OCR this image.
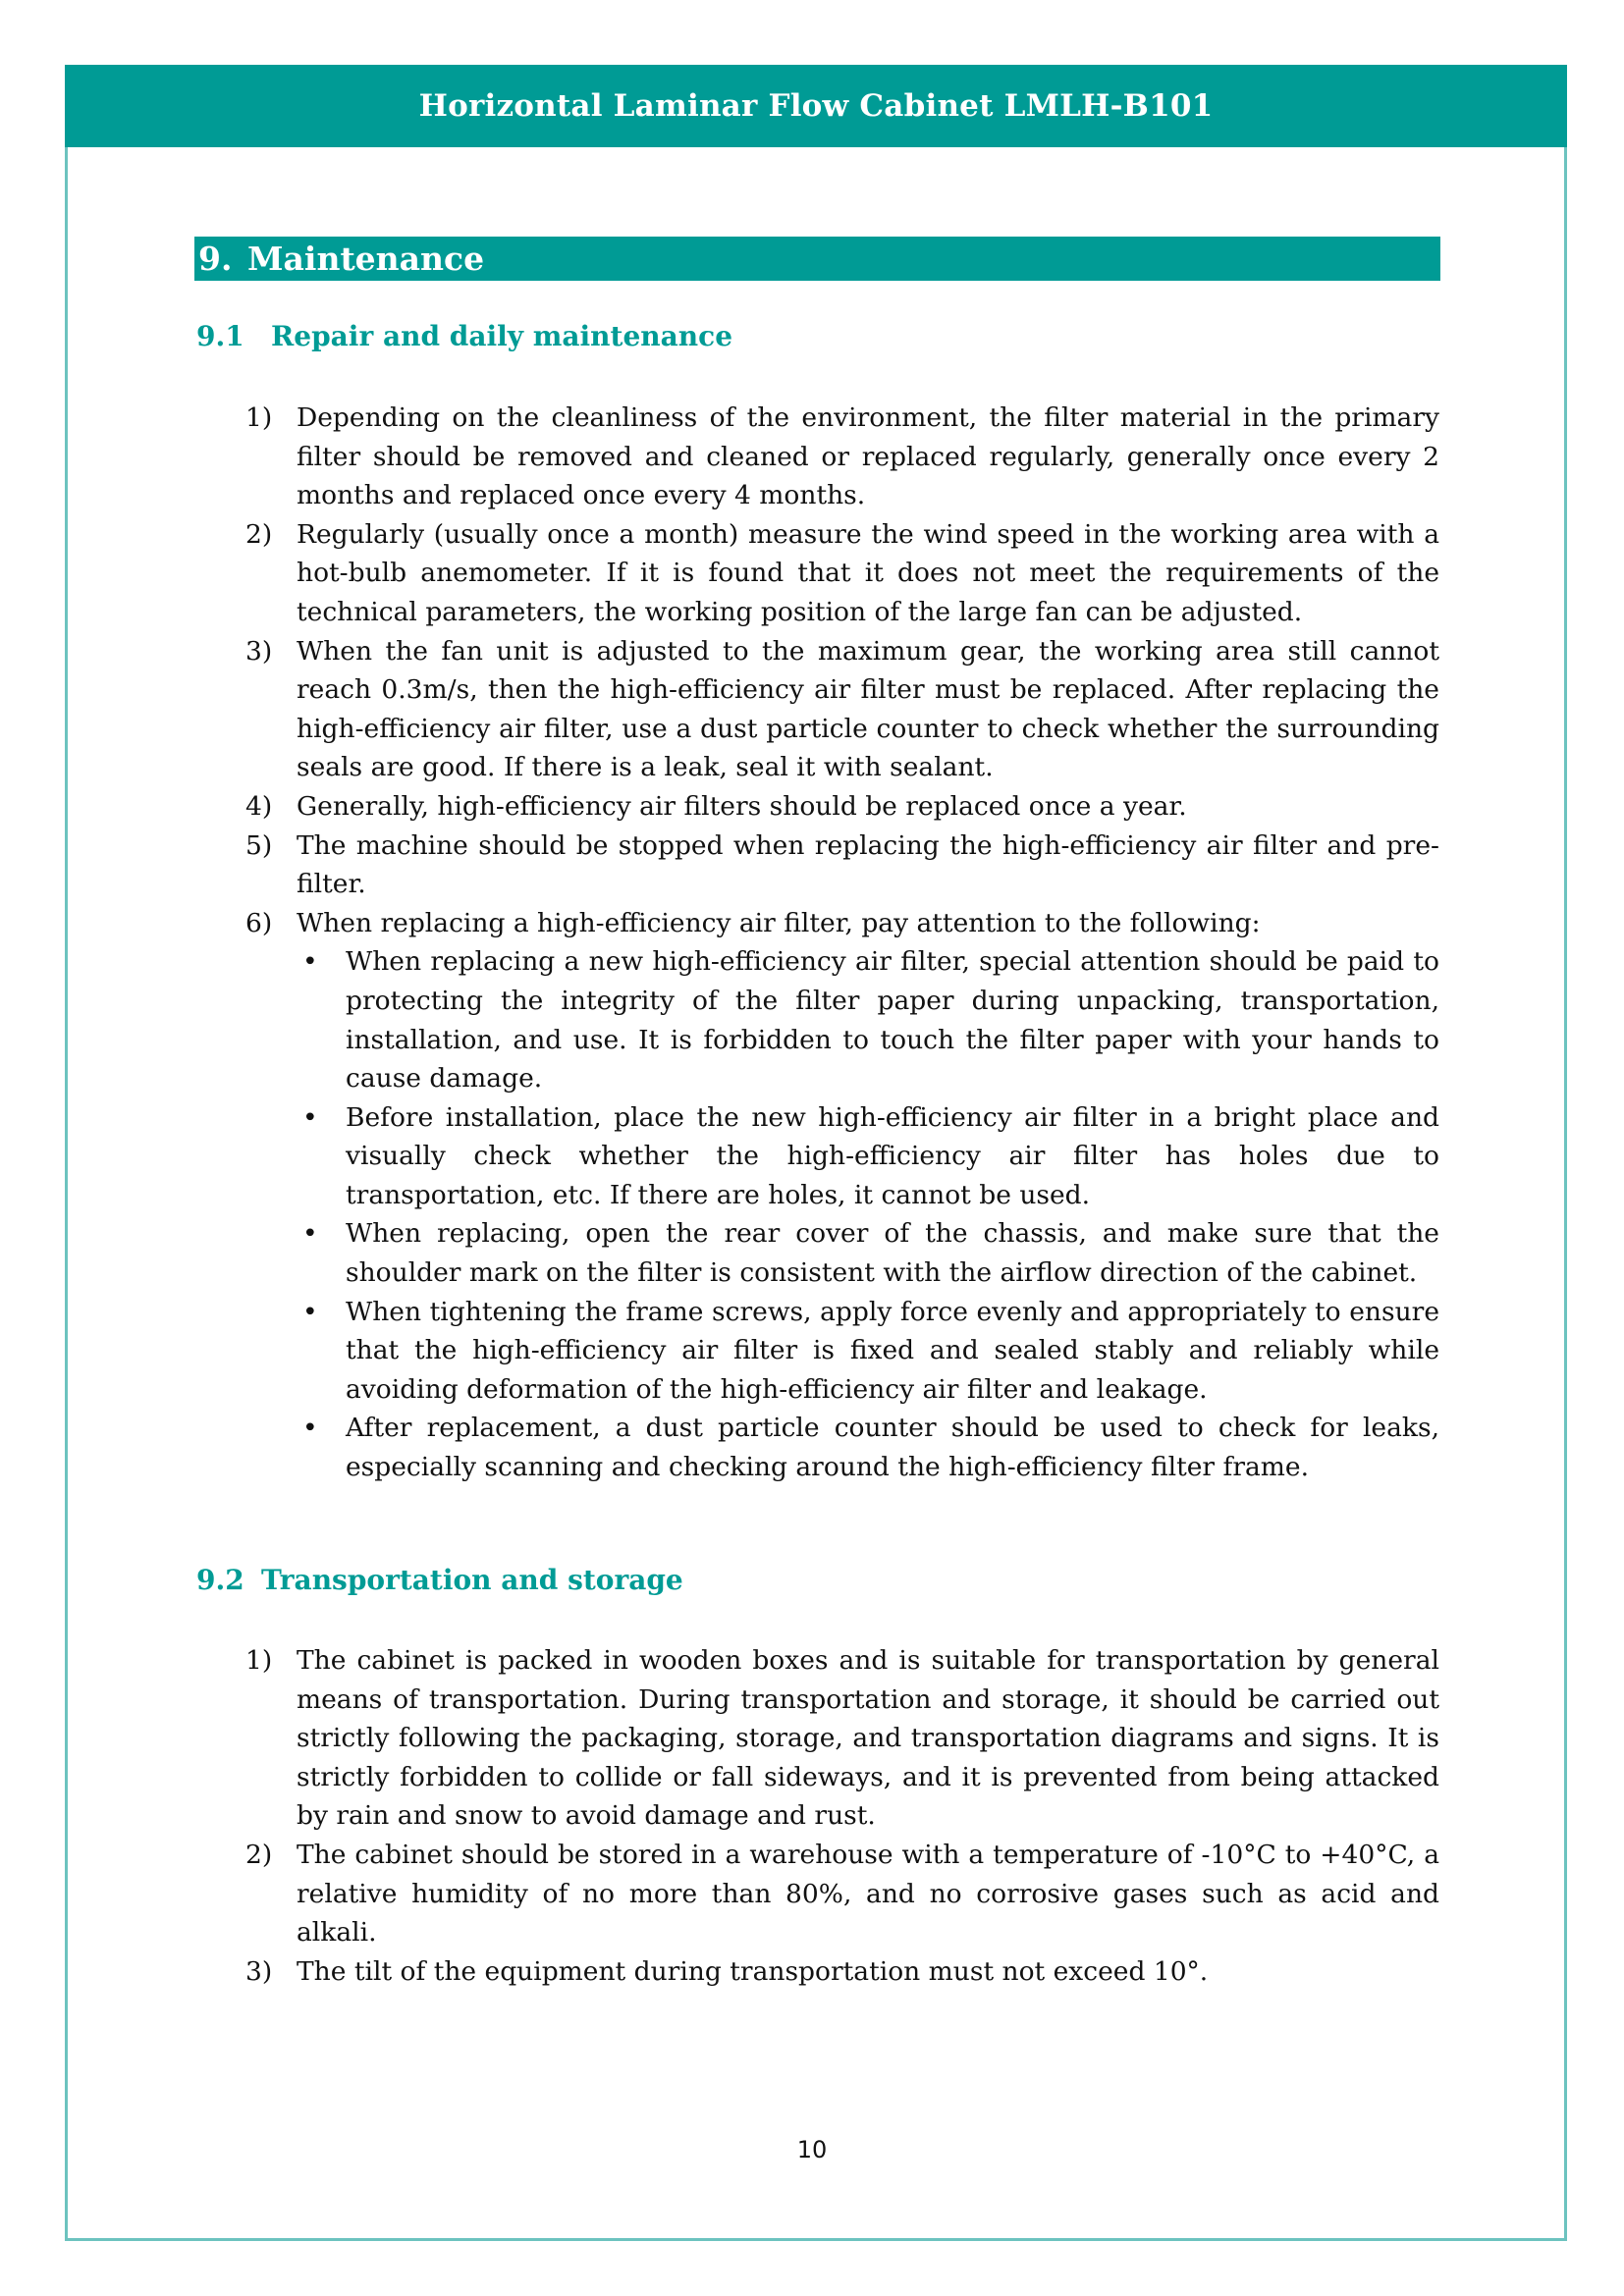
Horizontal Laminar Flow Cabinet LMLH-B101
9. Maintenance
9.1 Repair and daily maintenance
1) Depending on the cleanliness of the environment, the filter material in the primary filter should be removed and cleaned or replaced regularly, generally once every 2 months and replaced once every 4 months.
2) Regularly (usually once a month) measure the wind speed in the working area with a hot-bulb anemometer. If it is found that it does not meet the requirements of the technical parameters, the working position of the large fan can be adjusted.
3) When the fan unit is adjusted to the maximum gear, the working area still cannot reach 0.3m/s, then the high-efficiency air filter must be replaced. After replacing the high-efficiency air filter, use a dust particle counter to check whether the surrounding seals are good. If there is a leak, seal it with sealant.
4) Generally, high-efficiency air filters should be replaced once a year.
5) The machine should be stopped when replacing the high-efficiency air filter and pre-filter.
6) When replacing a high-efficiency air filter, pay attention to the following:
• When replacing a new high-efficiency air filter, special attention should be paid to protecting the integrity of the filter paper during unpacking, transportation, installation, and use. It is forbidden to touch the filter paper with your hands to cause damage.
• Before installation, place the new high-efficiency air filter in a bright place and visually check whether the high-efficiency air filter has holes due to transportation, etc. If there are holes, it cannot be used.
• When replacing, open the rear cover of the chassis, and make sure that the shoulder mark on the filter is consistent with the airflow direction of the cabinet.
• When tightening the frame screws, apply force evenly and appropriately to ensure that the high-efficiency air filter is fixed and sealed stably and reliably while avoiding deformation of the high-efficiency air filter and leakage.
• After replacement, a dust particle counter should be used to check for leaks, especially scanning and checking around the high-efficiency filter frame.
9.2 Transportation and storage
1) The cabinet is packed in wooden boxes and is suitable for transportation by general means of transportation. During transportation and storage, it should be carried out strictly following the packaging, storage, and transportation diagrams and signs. It is strictly forbidden to collide or fall sideways, and it is prevented from being attacked by rain and snow to avoid damage and rust.
2) The cabinet should be stored in a warehouse with a temperature of -10°C to +40°C, a relative humidity of no more than 80%, and no corrosive gases such as acid and alkali.
3) The tilt of the equipment during transportation must not exceed 10°.
10
